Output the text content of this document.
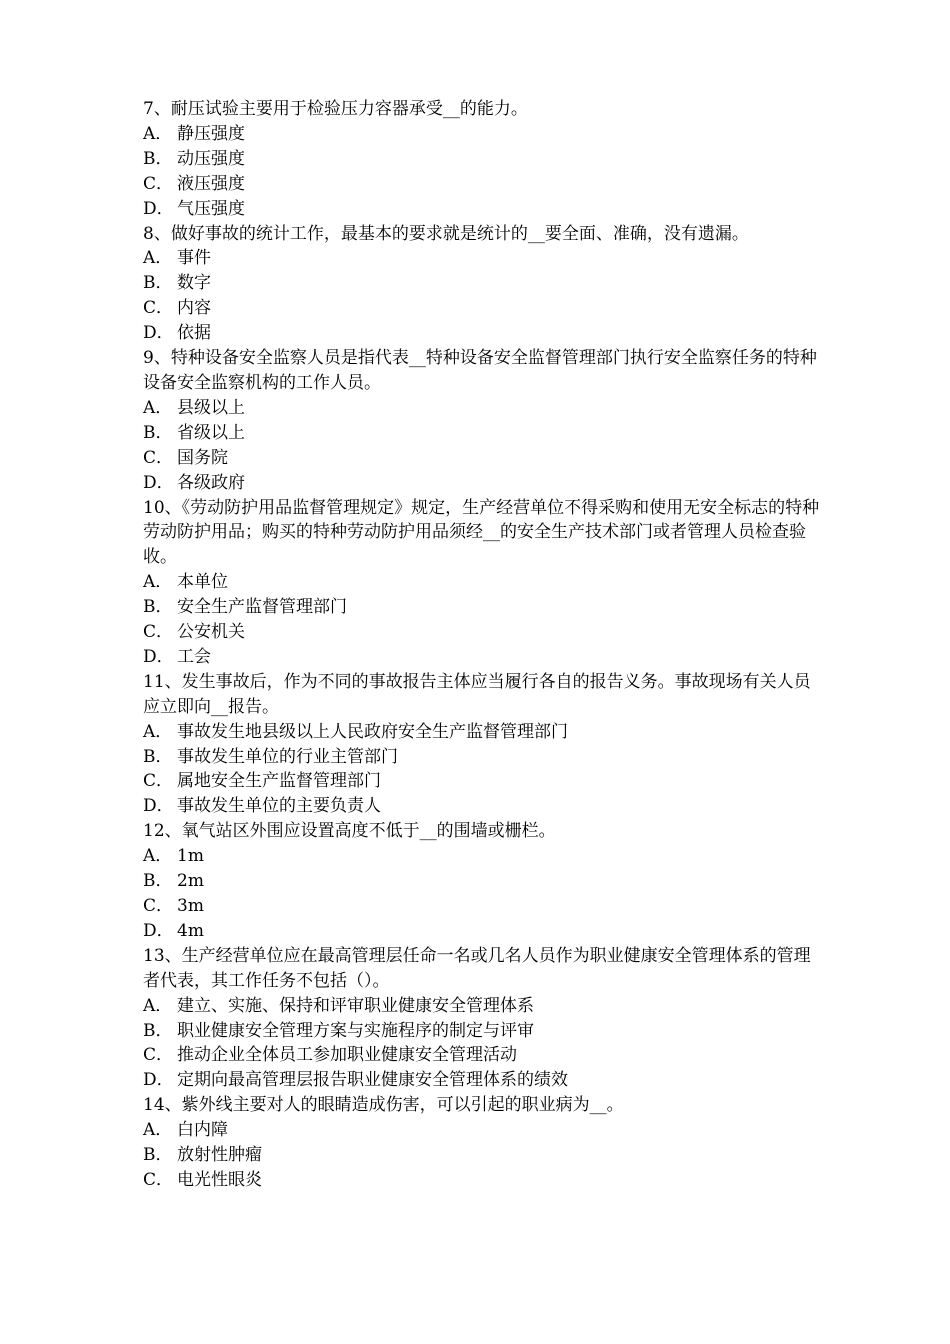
7、耐压试验主要用于检验压力容器承受__的能力。

A． 静压强度
B． 动压强度
C． 液压强度
D． 气压强度

8、做好事故的统计工作，最基本的要求就是统计的__要全面、准确，没有遗漏。

A． 事件
B． 数字
C． 内容
D． 依据

9、特种设备安全监察人员是指代表__特种设备安全监督管理部门执行安全监察任务的特种设备安全监察机构的工作人员。

A． 县级以上
B． 省级以上
C． 国务院
D． 各级政府

10、《劳动防护用品监督管理规定》规定，生产经营单位不得采购和使用无安全标志的特种劳动防护用品；购买的特种劳动防护用品须经__的安全生产技术部门或者管理人员检查验收。

A． 本单位
B． 安全生产监督管理部门
C． 公安机关
D． 工会

11、发生事故后，作为不同的事故报告主体应当履行各自的报告义务。事故现场有关人员应立即向__报告。

A． 事故发生地县级以上人民政府安全生产监督管理部门
B． 事故发生单位的行业主管部门
C． 属地安全生产监督管理部门
D． 事故发生单位的主要负责人

12、氧气站区外围应设置高度不低于__的围墙或栅栏。

A． 1m
B． 2m
C． 3m
D． 4m

13、生产经营单位应在最高管理层任命一名或几名人员作为职业健康安全管理体系的管理者代表，其工作任务不包括（）。

A． 建立、实施、保持和评审职业健康安全管理体系
B． 职业健康安全管理方案与实施程序的制定与评审
C． 推动企业全体员工参加职业健康安全管理活动
D． 定期向最高管理层报告职业健康安全管理体系的绩效

14、紫外线主要对人的眼睛造成伤害，可以引起的职业病为__。

A． 白内障
B． 放射性肿瘤
C． 电光性眼炎
